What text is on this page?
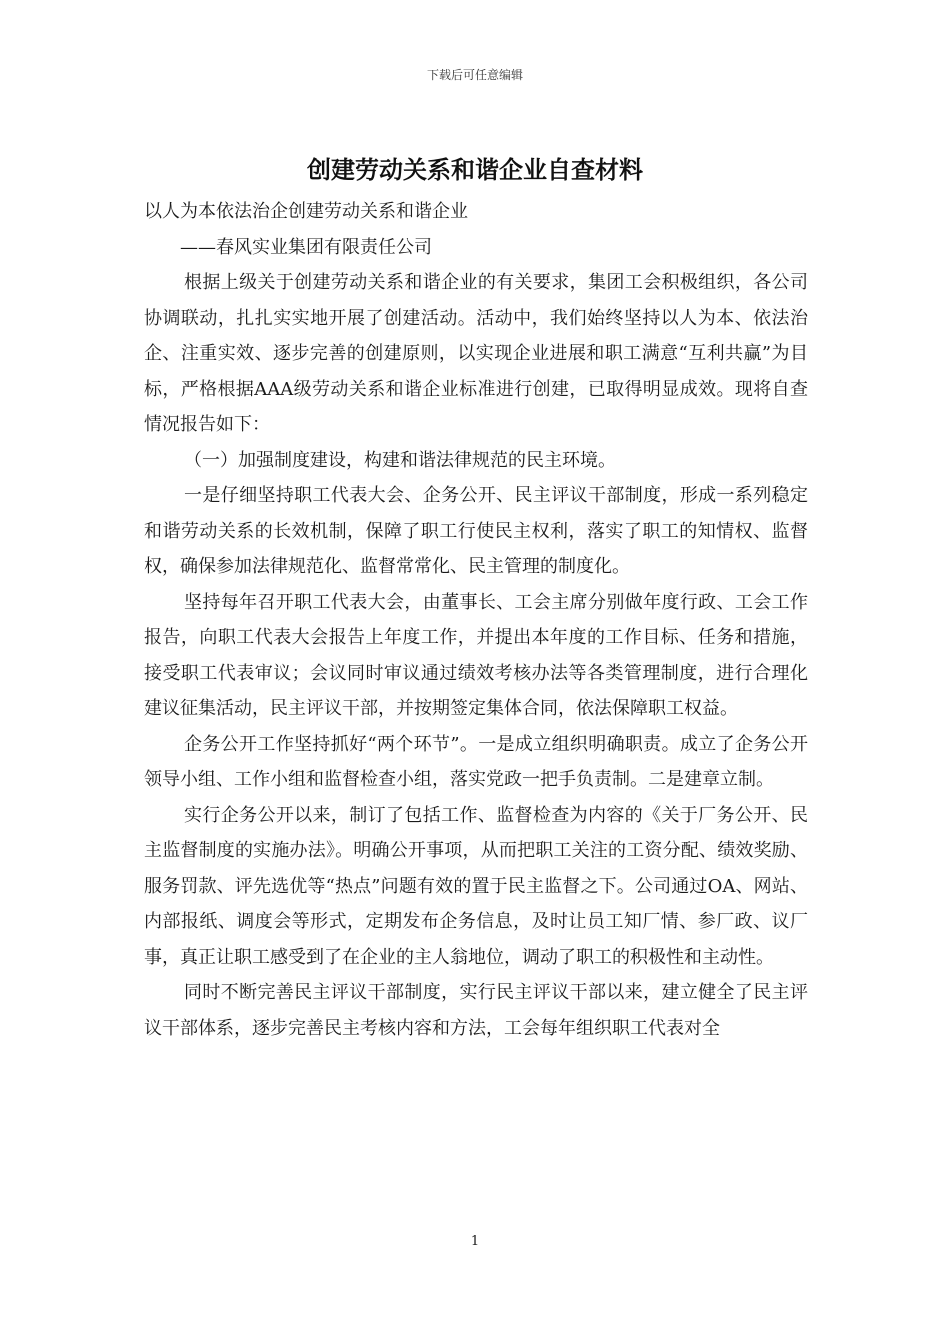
下载后可任意编辑
创建劳动关系和谐企业自查材料

以人为本依法治企创建劳动关系和谐企业

——春风实业集团有限责任公司

根据上级关于创建劳动关系和谐企业的有关要求，集团工会积极组织，各公司协调联动，扎扎实实地开展了创建活动。活动中，我们始终坚持以人为本、依法治企、注重实效、逐步完善的创建原则，以实现企业进展和职工满意“互利共赢”为目标，严格根据AAA级劳动关系和谐企业标准进行创建，已取得明显成效。现将自查情况报告如下：

（一）加强制度建设，构建和谐法律规范的民主环境。

一是仔细坚持职工代表大会、企务公开、民主评议干部制度，形成一系列稳定和谐劳动关系的长效机制，保障了职工行使民主权利，落实了职工的知情权、监督权，确保参加法律规范化、监督常常化、民主管理的制度化。

坚持每年召开职工代表大会，由董事长、工会主席分别做年度行政、工会工作报告，向职工代表大会报告上年度工作，并提出本年度的工作目标、任务和措施，接受职工代表审议；会议同时审议通过绩效考核办法等各类管理制度，进行合理化建议征集活动，民主评议干部，并按期签定集体合同，依法保障职工权益。

企务公开工作坚持抓好“两个环节”。一是成立组织明确职责。成立了企务公开领导小组、工作小组和监督检查小组，落实党政一把手负责制。二是建章立制。

实行企务公开以来，制订了包括工作、监督检查为内容的《关于厂务公开、民主监督制度的实施办法》。明确公开事项，从而把职工关注的工资分配、绩效奖励、服务罚款、评先选优等“热点”问题有效的置于民主监督之下。公司通过OA、网站、内部报纸、调度会等形式，定期发布企务信息，及时让员工知厂情、参厂政、议厂事，真正让职工感受到了在企业的主人翁地位，调动了职工的积极性和主动性。

同时不断完善民主评议干部制度，实行民主评议干部以来，建立健全了民主评议干部体系，逐步完善民主考核内容和方法，工会每年组织职工代表对全

1
